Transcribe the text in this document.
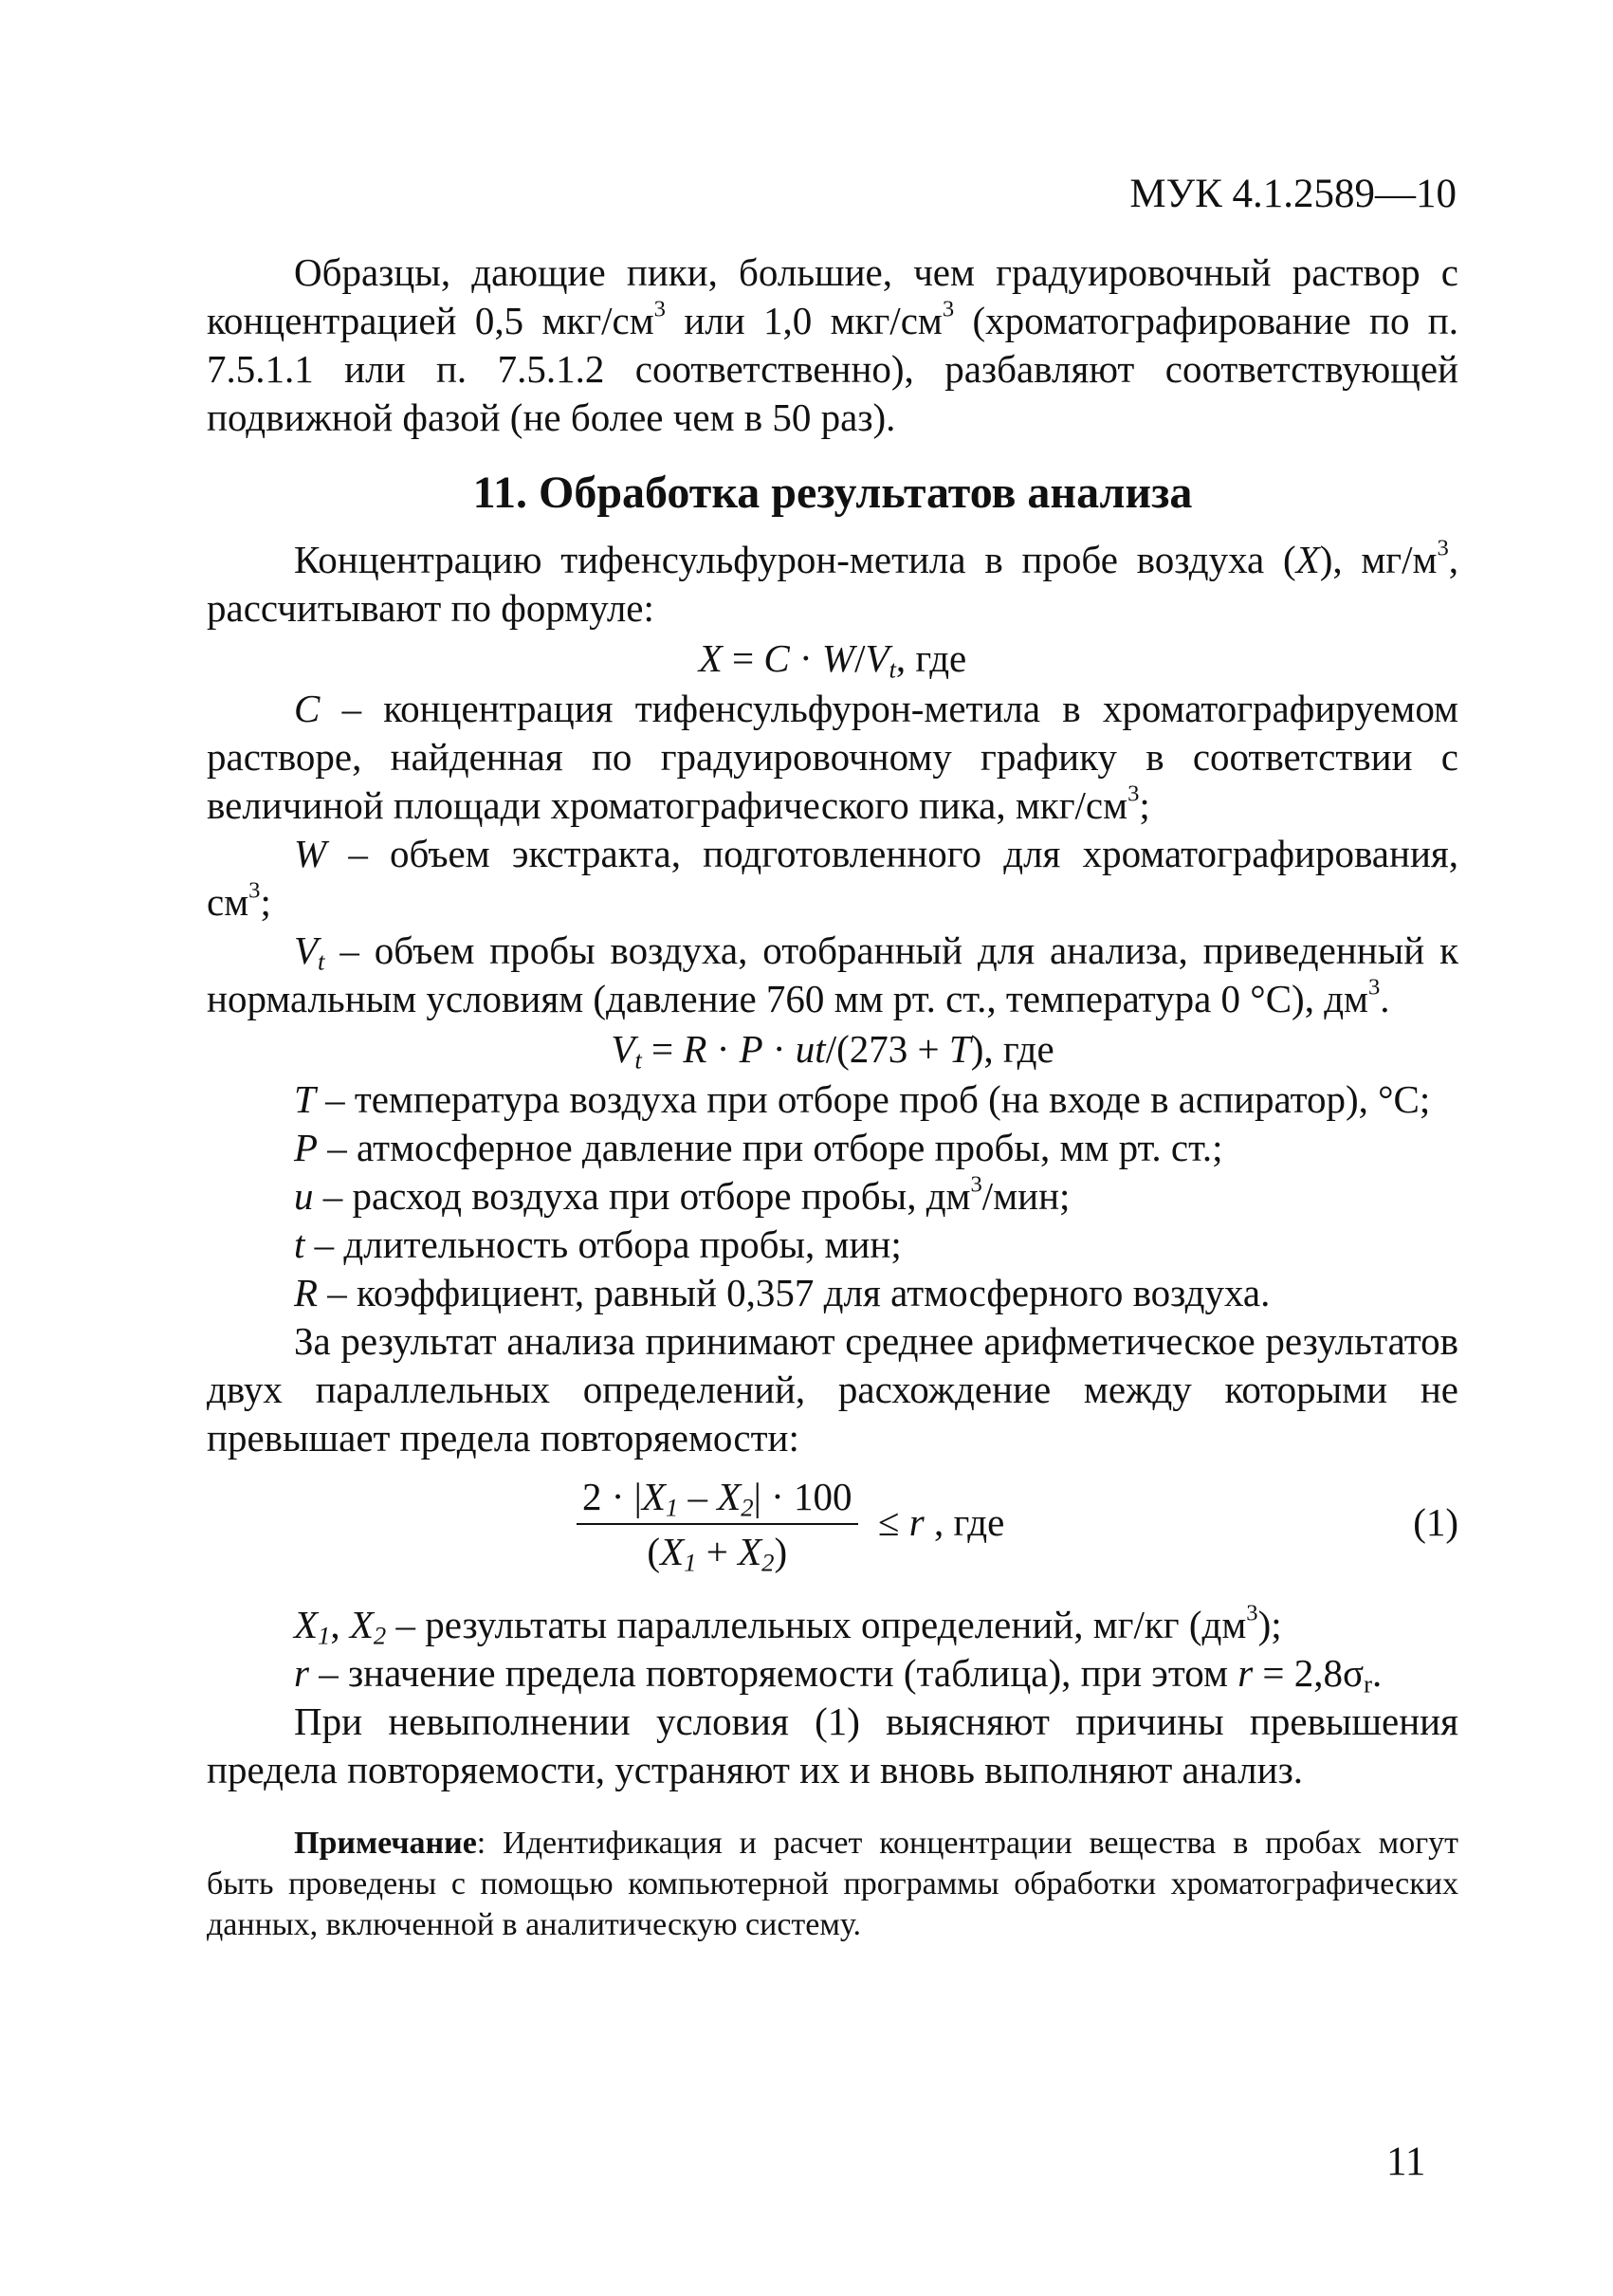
МУК 4.1.2589—10

Образцы, дающие пики, большие, чем градуировочный раствор с концентрацией 0,5 мкг/$см^3$ или 1,0 мкг/$см^3$ (хроматографирование по п. 7.5.1.1 или п. 7.5.1.2 соответственно), разбавляют соответствующей подвижной фазой (не более чем в 50 раз).

11. Обработка результатов анализа

Концентрацию тифенсульфурон-метила в пробе воздуха (X), $мг/м^3$, рассчитывают по формуле:

$X = C \cdot W/V_t$, где

C – концентрация тифенсульфурон-метила в хроматографируемом растворе, найденная по градуировочному графику в соответствии с величиной площади хроматографического пика, мкг/$см^3$;

W – объем экстракта, подготовленного для хроматографирования, $см^3$;

$V_t$ – объем пробы воздуха, отобранный для анализа, приведенный к нормальным условиям (давление 760 мм рт. ст., температура 0 °С), $дм^3$.

$V_t = R \cdot P \cdot ut/(273 + T)$, где

T – температура воздуха при отборе проб (на входе в аспиратор), °С;

P – атмосферное давление при отборе пробы, мм рт. ст.;

u – расход воздуха при отборе пробы, $дм^3$/мин;

t – длительность отбора пробы, мин;

R – коэффициент, равный 0,357 для атмосферного воздуха.

За результат анализа принимают среднее арифметическое результатов двух параллельных определений, расхождение между которыми не превышает предела повторяемости:

$\frac{2 \cdot |X_1 - X_2| \cdot 100}{(X_1 + X_2)} \le r$ , где	(1)

$X_1$, $X_2$ – результаты параллельных определений, мг/кг $(дм^3)$;

r – значение предела повторяемости (таблица), при этом $r = 2,8\sigma_r$.

При невыполнении условия (1) выясняют причины превышения предела повторяемости, устраняют их и вновь выполняют анализ.

Примечание: Идентификация и расчет концентрации вещества в пробах могут быть проведены с помощью компьютерной программы обработки хроматографических данных, включенной в аналитическую систему.

11
